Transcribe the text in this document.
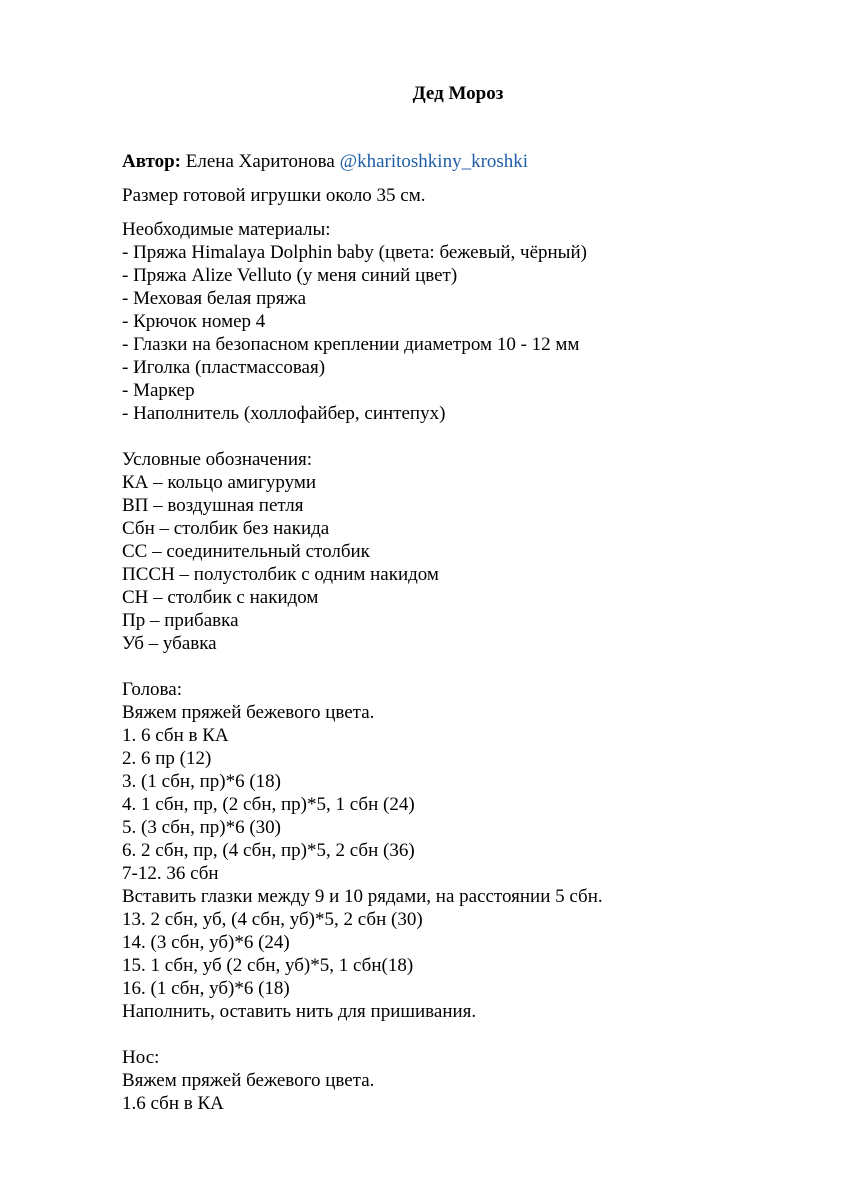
Дед Мороз
Автор: Елена Харитонова @kharitoshkiny_kroshki
Размер готовой игрушки около 35 см.
Необходимые материалы:
- Пряжа Himalaya Dolphin baby (цвета: бежевый, чёрный)
- Пряжа Alize Velluto (у меня синий цвет)
- Меховая белая пряжа
- Крючок номер 4
- Глазки на безопасном креплении диаметром 10 - 12 мм
- Иголка (пластмассовая)
- Маркер
- Наполнитель (холлофайбер, синтепух)
Условные обозначения:
КА – кольцо амигуруми
ВП – воздушная петля
Сбн – столбик без накида
СС – соединительный столбик
ПССН – полустолбик с одним накидом
СН – столбик с накидом
Пр – прибавка
Уб – убавка
Голова:
Вяжем пряжей бежевого цвета.
1. 6 сбн в КА
2. 6 пр (12)
3. (1 сбн, пр)*6 (18)
4. 1 сбн, пр, (2 сбн, пр)*5, 1 сбн (24)
5. (3 сбн, пр)*6 (30)
6. 2 сбн, пр, (4 сбн, пр)*5, 2 сбн (36)
7-12. 36 сбн
Вставить глазки между 9 и 10 рядами, на расстоянии 5 сбн.
13. 2 сбн, уб, (4 сбн, уб)*5, 2 сбн (30)
14. (3 сбн, уб)*6 (24)
15. 1 сбн, уб (2 сбн, уб)*5, 1 сбн(18)
16. (1 сбн, уб)*6 (18)
Наполнить, оставить нить для пришивания.
Нос:
Вяжем пряжей бежевого цвета.
1.6 сбн в КА
